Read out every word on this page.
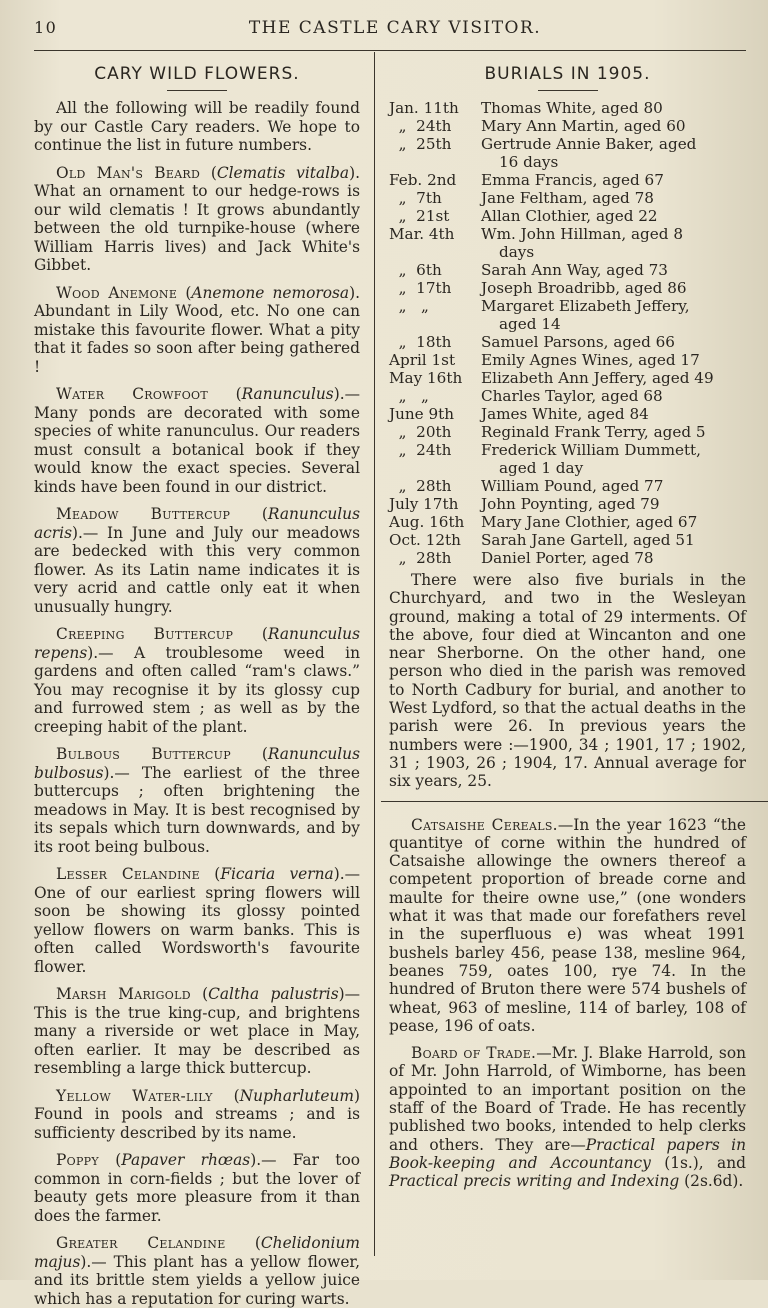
10	THE CASTLE CARY VISITOR.
CARY WILD FLOWERS.

All the following will be readily found by our Castle Cary readers. We hope to continue the list in future numbers.

Old Man's Beard (Clematis vitalba). What an ornament to our hedge-rows is our wild clematis ! It grows abundantly between the old turnpike-house (where William Harris lives) and Jack White's Gibbet.

Wood Anemone (Anemone nemorosa). Abundant in Lily Wood, etc. No one can mistake this favourite flower. What a pity that it fades so soon after being gathered !

Water Crowfoot (Ranunculus).— Many ponds are decorated with some species of white ranunculus. Our readers must consult a botanical book if they would know the exact species. Several kinds have been found in our district.

Meadow Buttercup (Ranunculus acris).— In June and July our meadows are bedecked with this very common flower. As its Latin name indicates it is very acrid and cattle only eat it when unusually hungry.

Creeping Buttercup (Ranunculus repens).— A troublesome weed in gardens and often called “ram's claws.” You may recognise it by its glossy cup and furrowed stem ; as well as by the creeping habit of the plant.

Bulbous Buttercup (Ranunculus bulbosus).— The earliest of the three buttercups ; often brightening the meadows in May. It is best recognised by its sepals which turn downwards, and by its root being bulbous.

Lesser Celandine (Ficaria verna).— One of our earliest spring flowers will soon be showing its glossy pointed yellow flowers on warm banks. This is often called Wordsworth's favourite flower.

Marsh Marigold (Caltha palustris)— This is the true king-cup, and brightens many a riverside or wet place in May, often earlier. It may be described as resembling a large thick buttercup.

Yellow Water-lily (Nupharluteum) Found in pools and streams ; and is sufficienty described by its name.

Poppy (Papaver rhœas).— Far too common in corn-fields ; but the lover of beauty gets more pleasure from it than does the farmer.

Greater Celandine (Chelidonium majus).— This plant has a yellow flower, and its brittle stem yields a yellow juice which has a reputation for curing warts.

BURIALS IN 1905.
Jan. 11th	Thomas White, aged 80
„  24th	Mary Ann Martin, aged 60
„  25th	Gertrude Annie Baker, aged
16 days
Feb. 2nd	Emma Francis, aged 67
„  7th	Jane Feltham, aged 78
„  21st	Allan Clothier, aged 22
Mar. 4th	Wm. John Hillman, aged 8
days
„  6th	Sarah Ann Way, aged 73
„  17th	Joseph Broadribb, aged 86
„   „	Margaret Elizabeth Jeffery,
aged 14
„  18th	Samuel Parsons, aged 66
April 1st	Emily Agnes Wines, aged 17
May 16th	Elizabeth Ann Jeffery, aged 49
„   „	Charles Taylor, aged 68
June 9th	James White, aged 84
„  20th	Reginald Frank Terry, aged 5
„  24th	Frederick William Dummett,
aged 1 day
„  28th	William Pound, aged 77
July 17th	John Poynting, aged 79
Aug. 16th	Mary Jane Clothier, aged 67
Oct. 12th	Sarah Jane Gartell, aged 51
„  28th	Daniel Porter, aged 78

There were also five burials in the Churchyard, and two in the Wesleyan ground, making a total of 29 interments. Of the above, four died at Wincanton and one near Sherborne. On the other hand, one person who died in the parish was removed to North Cadbury for burial, and another to West Lydford, so that the actual deaths in the parish were 26. In previous years the numbers were :—1900, 34 ; 1901, 17 ; 1902, 31 ; 1903, 26 ; 1904, 17. Annual average for six years, 25.

Catsaishe Cereals.—In the year 1623 “the quantitye of corne within the hundred of Catsaishe allowinge the owners thereof a competent proportion of breade corne and maulte for theire owne use,” (one wonders what it was that made our forefathers revel in the superfluous e) was wheat 1991 bushels barley 456, pease 138, mesline 964, beanes 759, oates 100, rye 74. In the hundred of Bruton there were 574 bushels of wheat, 963 of mesline, 114 of barley, 108 of pease, 196 of oats.

Board of Trade.—Mr. J. Blake Harrold, son of Mr. John Harrold, of Wimborne, has been appointed to an important position on the staff of the Board of Trade. He has recently published two books, intended to help clerks and others. They are—Practical papers in Book-keeping and Accountancy (1s.), and Practical precis writing and Indexing (2s.6d).
